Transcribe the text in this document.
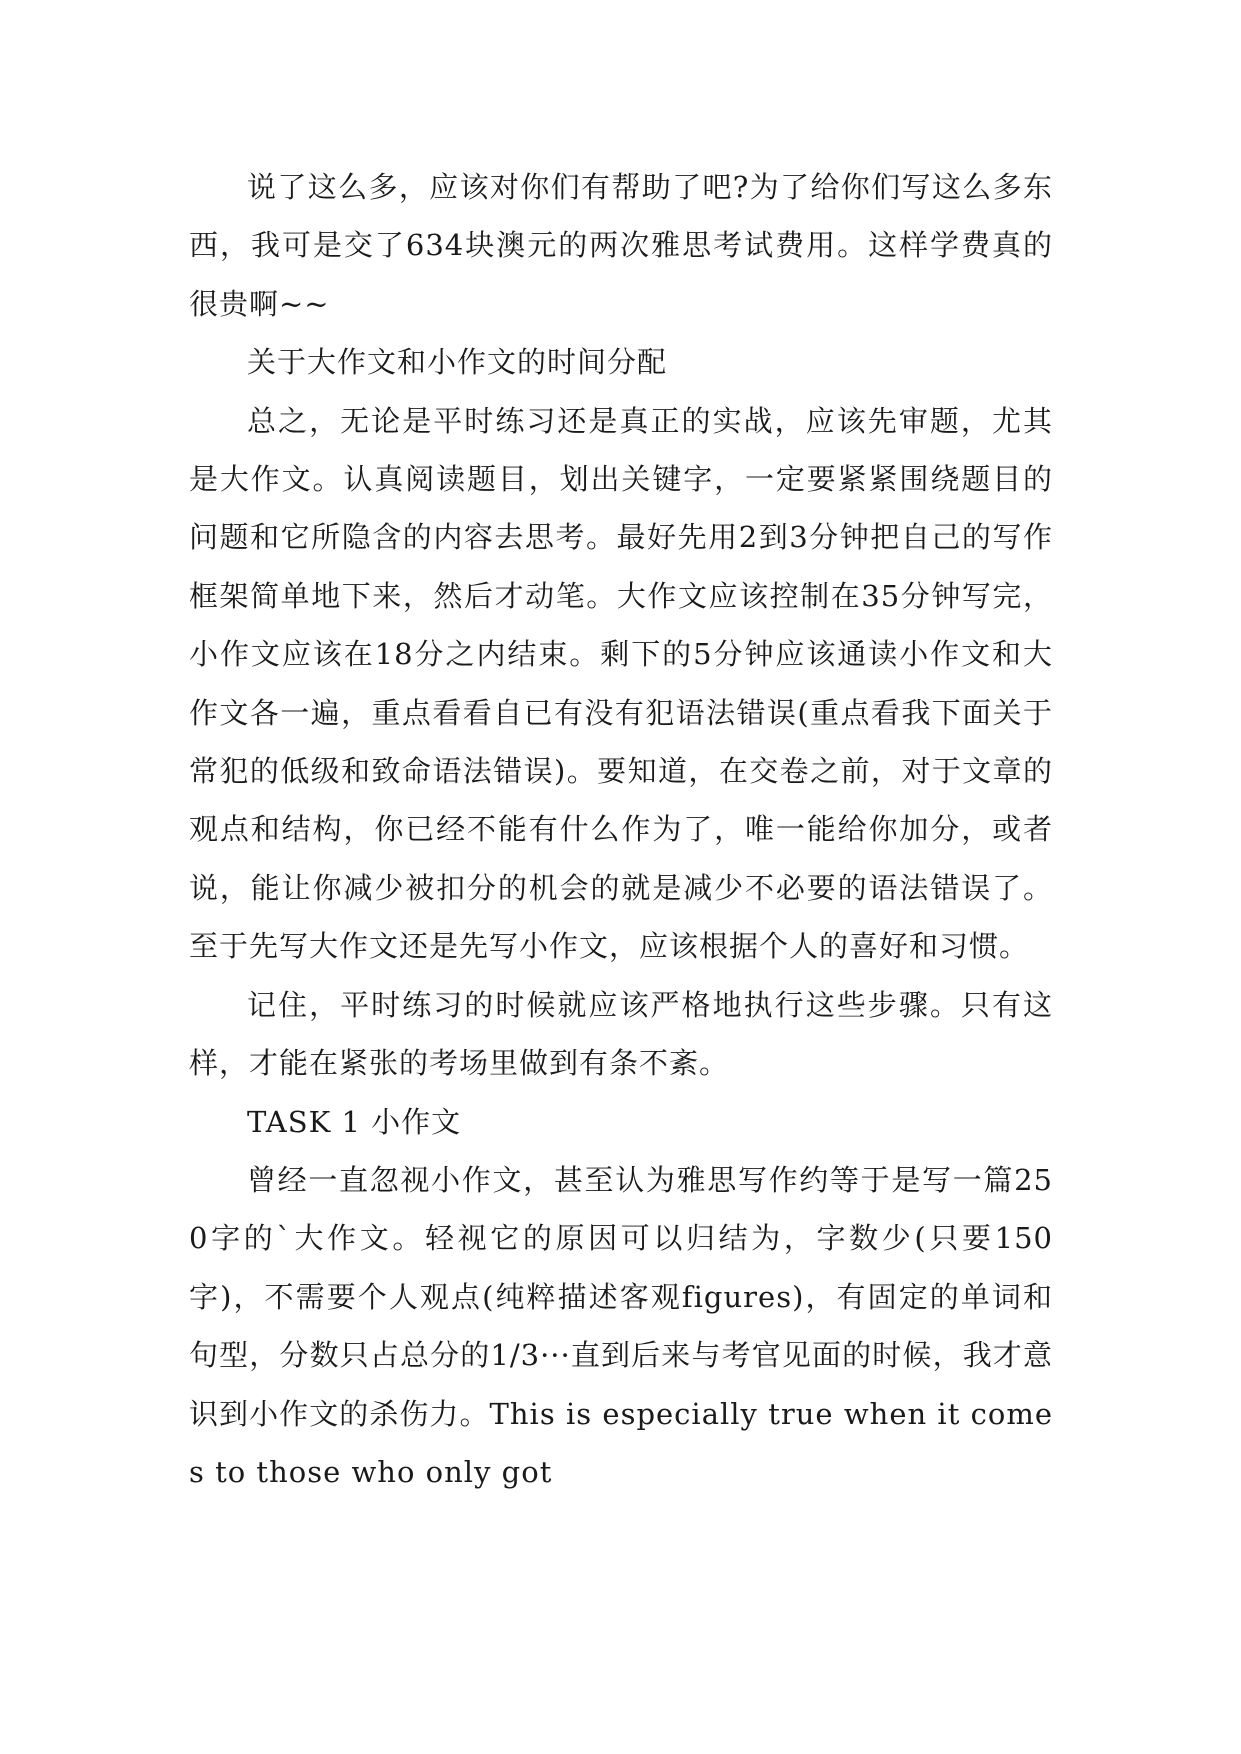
说了这么多，应该对你们有帮助了吧?为了给你们写这么多东西，我可是交了634块澳元的两次雅思考试费用。这样学费真的很贵啊~~

关于大作文和小作文的时间分配

总之，无论是平时练习还是真正的实战，应该先审题，尤其是大作文。认真阅读题目，划出关键字，一定要紧紧围绕题目的问题和它所隐含的内容去思考。最好先用2到3分钟把自己的写作框架简单地下来，然后才动笔。大作文应该控制在35分钟写完，小作文应该在18分之内结束。剩下的5分钟应该通读小作文和大作文各一遍，重点看看自已有没有犯语法错误(重点看我下面关于常犯的低级和致命语法错误)。要知道，在交卷之前，对于文章的观点和结构，你已经不能有什么作为了，唯一能给你加分，或者说，能让你减少被扣分的机会的就是减少不必要的语法错误了。至于先写大作文还是先写小作文，应该根据个人的喜好和习惯。

记住，平时练习的时候就应该严格地执行这些步骤。只有这样，才能在紧张的考场里做到有条不紊。

TASK 1 小作文

曾经一直忽视小作文，甚至认为雅思写作约等于是写一篇250字的`大作文。轻视它的原因可以归结为，字数少(只要150字)，不需要个人观点(纯粹描述客观figures)，有固定的单词和句型，分数只占总分的1/3···直到后来与考官见面的时候，我才意识到小作文的杀伤力。This is especially true when it comes to those who only got
